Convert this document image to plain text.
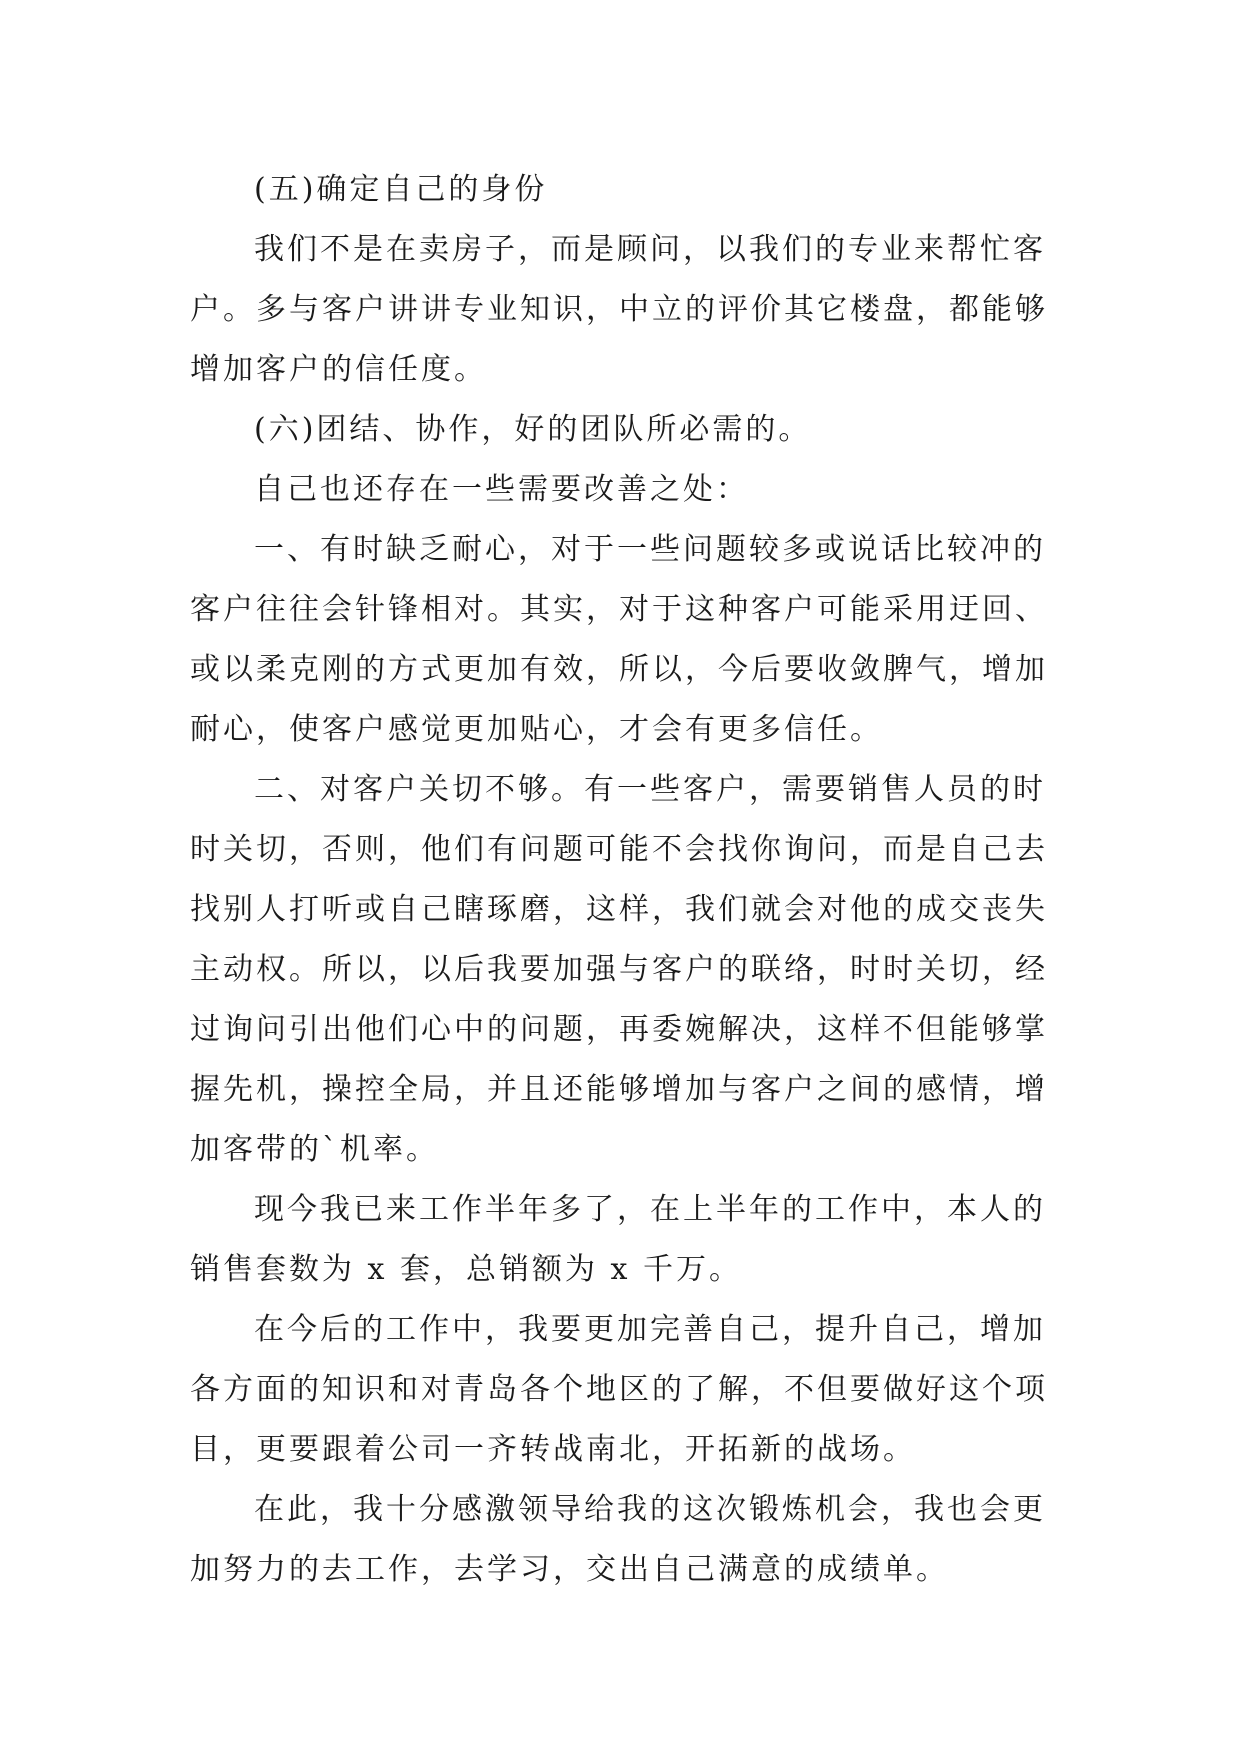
(五)确定自己的身份
我们不是在卖房子，而是顾问，以我们的专业来帮忙客
户。多与客户讲讲专业知识，中立的评价其它楼盘，都能够
增加客户的信任度。
(六)团结、协作，好的团队所必需的。
自己也还存在一些需要改善之处：
一、有时缺乏耐心，对于一些问题较多或说话比较冲的
客户往往会针锋相对。其实，对于这种客户可能采用迂回、
或以柔克刚的方式更加有效，所以，今后要收敛脾气，增加
耐心，使客户感觉更加贴心，才会有更多信任。
二、对客户关切不够。有一些客户，需要销售人员的时
时关切，否则，他们有问题可能不会找你询问，而是自己去
找别人打听或自己瞎琢磨，这样，我们就会对他的成交丧失
主动权。所以，以后我要加强与客户的联络，时时关切，经
过询问引出他们心中的问题，再委婉解决，这样不但能够掌
握先机，操控全局，并且还能够增加与客户之间的感情，增
加客带的`机率。
现今我已来工作半年多了，在上半年的工作中，本人的
销售套数为 x 套，总销额为 x 千万。
在今后的工作中，我要更加完善自己，提升自己，增加
各方面的知识和对青岛各个地区的了解，不但要做好这个项
目，更要跟着公司一齐转战南北，开拓新的战场。
在此，我十分感激领导给我的这次锻炼机会，我也会更
加努力的去工作，去学习，交出自己满意的成绩单。
